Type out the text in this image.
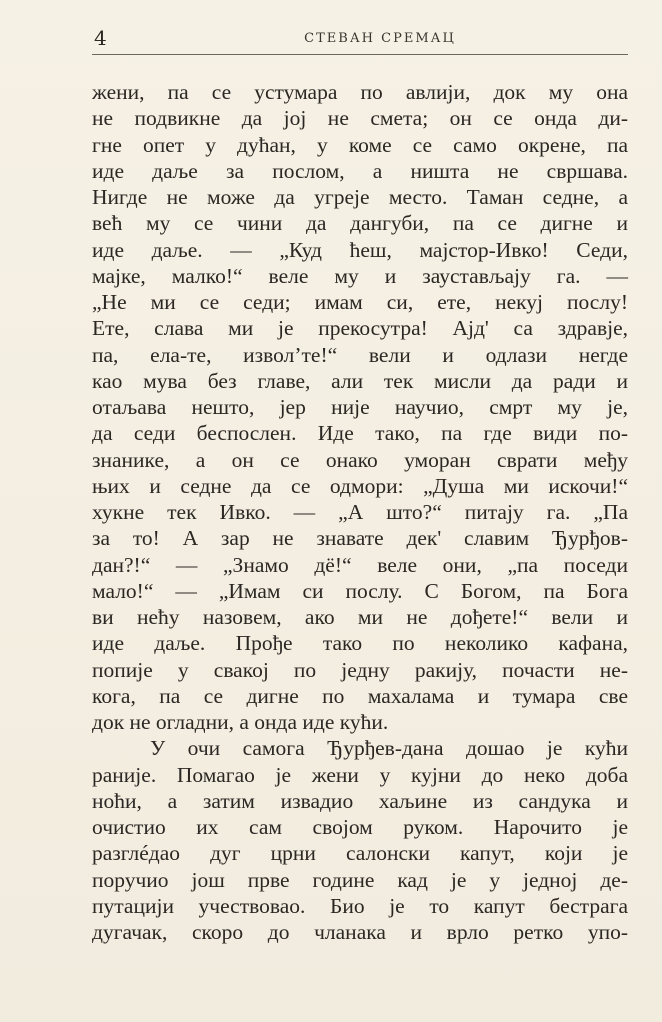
4	СТЕВАН СРЕМАЦ
жени, па се устумара по авлији, док му она
не подвикне да јој не смета; он се онда ди-
гне опет у дућан, у коме се само окрене, па
иде даље за послом, а ништа не свршава.
Нигде не може да угреје место. Таман седне, а
већ му се чини да дангуби, па се дигне и
иде даље. — „Куд ћеш, мајстор-Ивко! Седи,
мајке, малко!“ веле му и заустављају га. —
„Не ми се седи; имам си, ете, некуј послу!
Ете, слава ми је прекосутра! Ајд' са здравје,
па, ела-те, изволʼте!“ вели и одлази негде
као мува без главе, али тек мисли да ради и
отаљава нешто, јер није научио, смрт му је,
да седи беспослен. Иде тако, па где види по-
знанике, а он се онако уморан сврати међу
њих и седне да се одмори: „Душа ми искочи!“
хукне тек Ивко. — „А што?“ питају га. „Па
за то! А зар не знавате дек' славим Ђурђов-
дан?!“ — „Знамо дё!“ веле они, „па поседи
мало!“ — „Имам си послу. С Богом, па Бога
ви нећу назовем, ако ми не дођете!“ вели и
иде даље. Прође тако по неколико кафана,
попије у свакој по једну ракију, почасти не-
кога, па се дигне по махалама и тумара све
док не огладни, а онда иде кући.
У очи самога Ђурђев-дана дошао је кући
раније. Помагао је жени у кујни до неко доба
ноћи, а затим извадио хаљине из сандука и
очистио их сам својом руком. Нарочито је
разглéдао дуг црни салонски капут, који је
поручио још прве године кад је у једној де-
путацији учествовао. Био је то капут бестрага
дугачак, скоро до чланака и врло ретко упо-
